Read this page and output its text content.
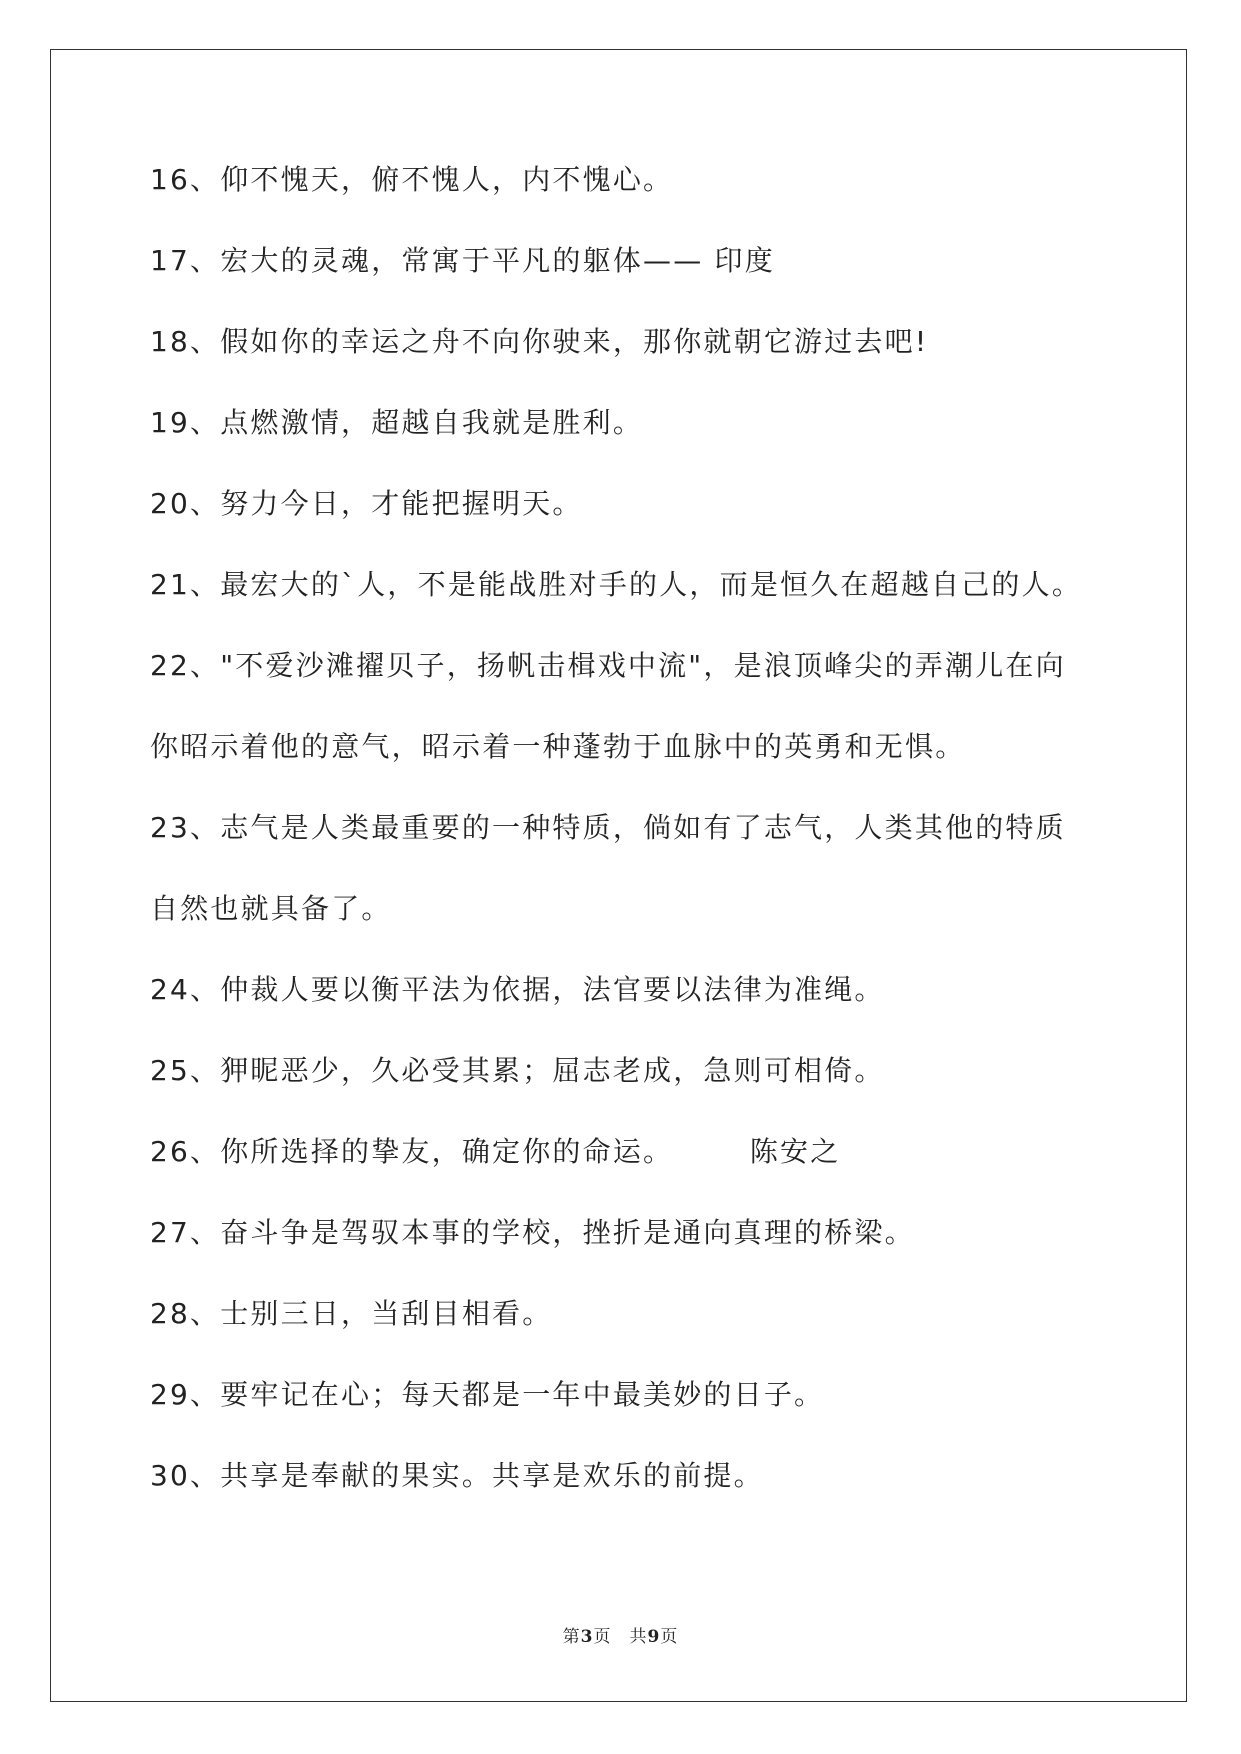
16、仰不愧天，俯不愧人，内不愧心。
17、宏大的灵魂，常寓于平凡的躯体—— 印度
18、假如你的幸运之舟不向你驶来，那你就朝它游过去吧!
19、点燃激情，超越自我就是胜利。
20、努力今日，才能把握明天。
21、最宏大的`人，不是能战胜对手的人，而是恒久在超越自己的人。
22、"不爱沙滩擢贝子，扬帆击楫戏中流"，是浪顶峰尖的弄潮儿在向
你昭示着他的意气，昭示着一种蓬勃于血脉中的英勇和无惧。
23、志气是人类最重要的一种特质，倘如有了志气，人类其他的特质
自然也就具备了。
24、仲裁人要以衡平法为依据，法官要以法律为准绳。
25、狎昵恶少，久必受其累；屈志老成，急则可相倚。
26、你所选择的挚友，确定你的命运。　　　陈安之
27、奋斗争是驾驭本事的学校，挫折是通向真理的桥梁。
28、士别三日，当刮目相看。
29、要牢记在心；每天都是一年中最美妙的日子。
30、共享是奉献的果实。共享是欢乐的前提。
第3页 共9页
